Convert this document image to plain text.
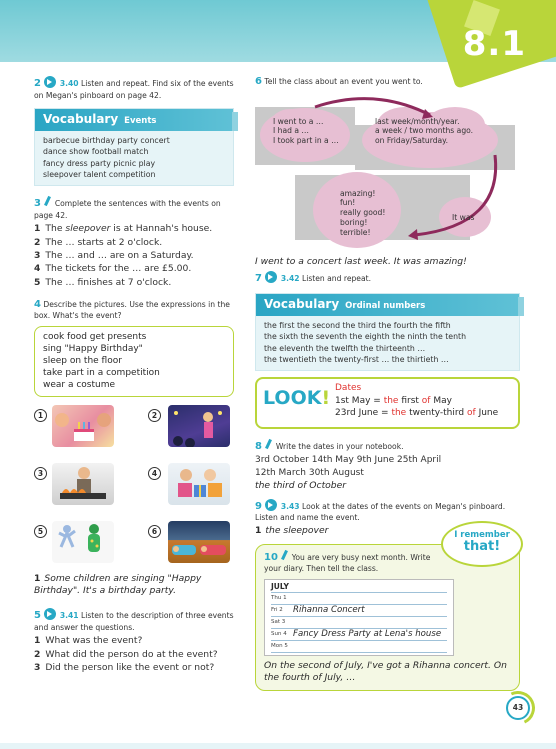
8.1
2 3.40 Listen and repeat. Find six of the events on Megan's pinboard on page 42.
Vocabulary Events
barbecue birthday party concert
dance show football match
fancy dress party picnic play
sleepover talent competition
3 Complete the sentences with the events on page 42.
1 The sleepover is at Hannah's house.
2 The … starts at 2 o'clock.
3 The … and … are on a Saturday.
4 The tickets for the … are £5.00.
5 The … finishes at 7 o'clock.
4 Describe the pictures. Use the expressions in the box. What's the event?
cook food get presents
sing "Happy Birthday"
sleep on the floor
take part in a competition
wear a costume
1	2
3	4
5	6
1 Some children are singing "Happy Birthday". It's a birthday party.
5 3.41 Listen to the description of three events and answer the questions.
1 What was the event?
2 What did the person do at the event?
3 Did the person like the event or not?
6 Tell the class about an event you went to.
I went to a …
I had a …
I took part in a …
last week/month/year.
a week / two months ago.
on Friday/Saturday.
amazing!
fun!
really good!
boring!
terrible!
It was
I went to a concert last week. It was amazing!
7 3.42 Listen and repeat.
Vocabulary Ordinal numbers
the first the second the third the fourth the fifth
the sixth the seventh the eighth the ninth the tenth
the eleventh the twelfth the thirteenth …
the twentieth the twenty-first … the thirtieth …
LOOK! Dates
1st May = the first of May
23rd June = the twenty-third of June
8 Write the dates in your notebook.
3rd October 14th May 9th June 25th April
12th March 30th August
the third of October
9 3.43 Look at the dates of the events on Megan's pinboard. Listen and name the event.
1 the sleepover	I remember
that!
10 You are very busy next month. Write your diary. Then tell the class.
JULY
Thu 1
Fri 2	Rihanna Concert
Sat 3
Sun 4 Fancy Dress Party at Lena's house
Mon 5
On the second of July, I've got a Rihanna concert. On the fourth of July, …
43
